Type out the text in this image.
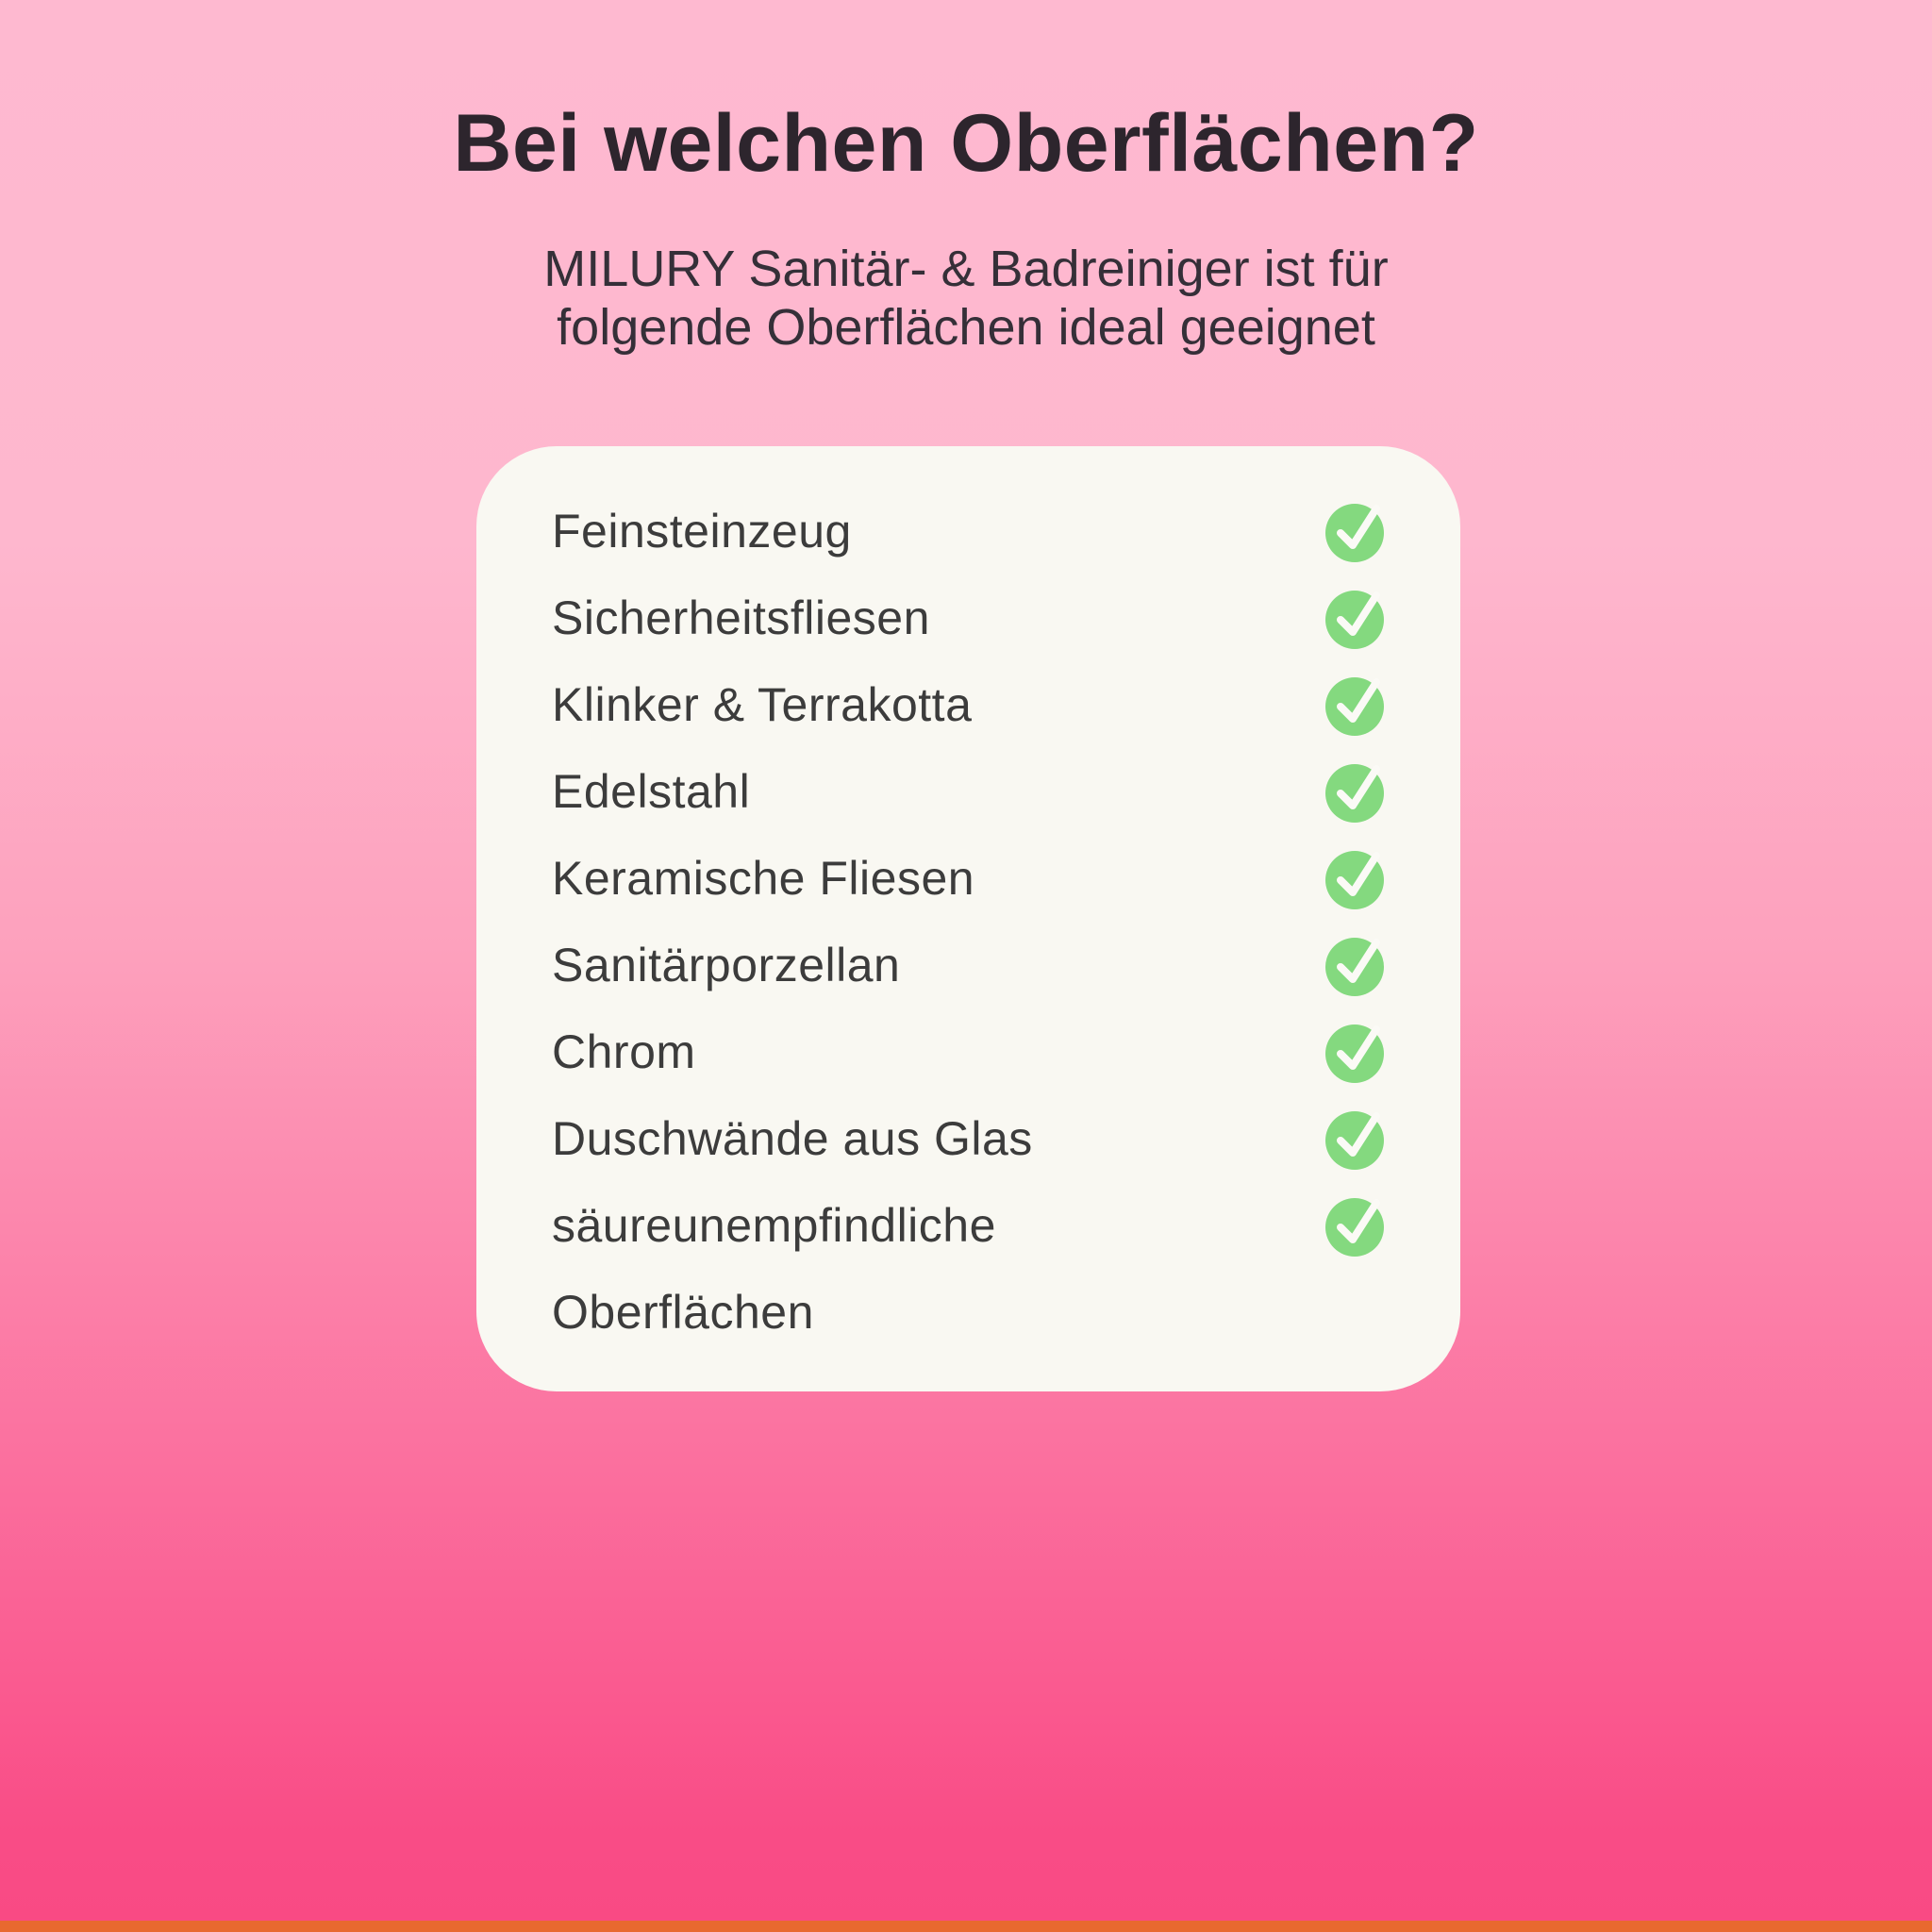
Bei welchen Oberflächen?

MILURY Sanitär- & Badreiniger ist für
folgende Oberflächen ideal geeignet

Feinsteinzeug
Sicherheitsfliesen
Klinker & Terrakotta
Edelstahl
Keramische Fliesen
Sanitärporzellan
Chrom
Duschwände aus Glas
säureunempfindliche
Oberflächen
